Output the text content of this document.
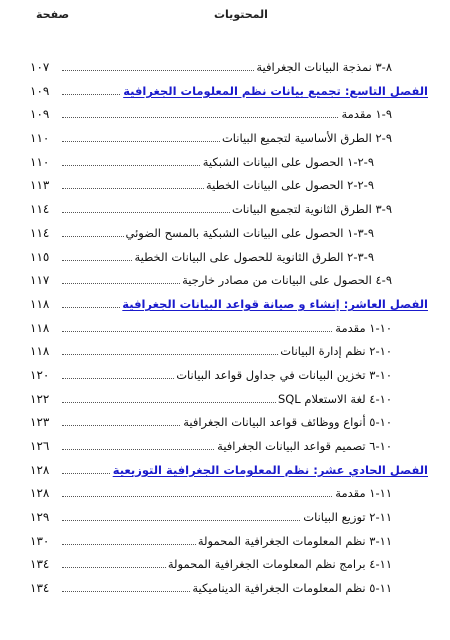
صفحة	المحتويات
١٠٧	٨-٣ نمذجة البيانات الجغرافية
١٠٩	الفصل التاسع: تجميع بيانات نظم المعلومات الجغرافية
١٠٩	٩-١ مقدمة
١١٠	٩-٢ الطرق الأساسية لتجميع البيانات
١١٠	٩-٢-١ الحصول على البيانات الشبكية
١١٣	٩-٢-٢ الحصول على البيانات الخطية
١١٤	٩-٣ الطرق الثانوية لتجميع البيانات
١١٤	٩-٣-١ الحصول على البيانات الشبكية بالمسح الضوئي
١١٥	٩-٣-٢ الطرق الثانوية للحصول على البيانات الخطية
١١٧	٩-٤ الحصول على البيانات من مصادر خارجية
١١٨	الفصل العاشر: إنشاء و صيانة قواعد البيانات الجغرافية
١١٨	١٠-١ مقدمة
١١٨	١٠-٢ نظم إدارة البيانات
١٢٠	١٠-٣ تخزين البيانات في جداول قواعد البيانات
١٢٢	١٠-٤ لغة الاستعلام SQL
١٢٣	١٠-٥ أنواع ووظائف قواعد البيانات الجغرافية
١٢٦	١٠-٦ تصميم قواعد البيانات الجغرافية
١٢٨	الفصل الحادي عشر: نظم المعلومات الجغرافية التوزيعية
١٢٨	١١-١ مقدمة
١٢٩	١١-٢ توزيع البيانات
١٣٠	١١-٣ نظم المعلومات الجغرافية المحمولة
١٣٤	١١-٤ برامج نظم المعلومات الجغرافية المحمولة
١٣٤	١١-٥ نظم المعلومات الجغرافية الديناميكية
